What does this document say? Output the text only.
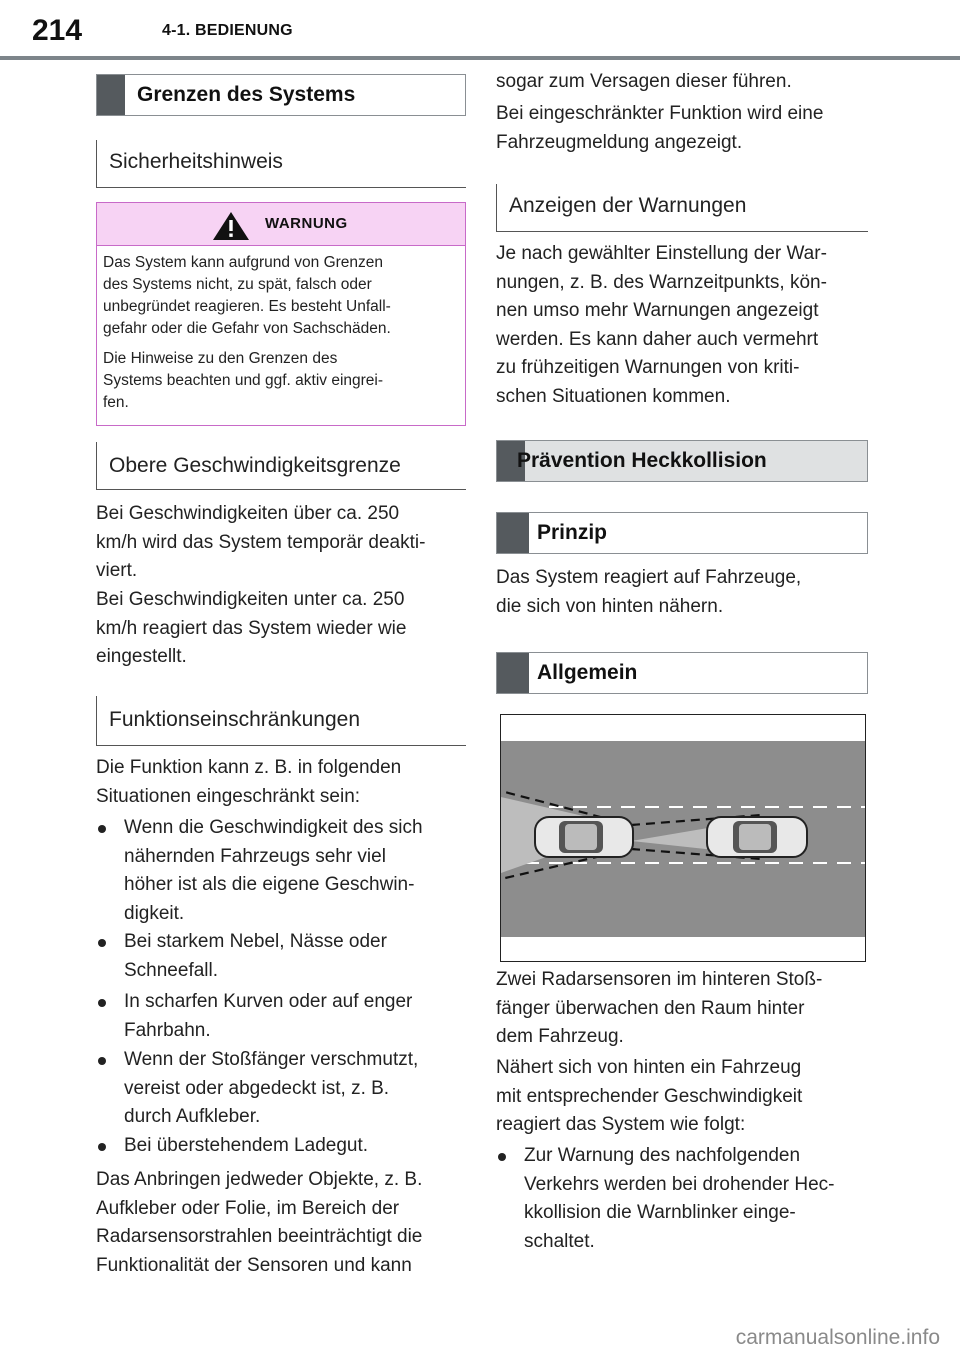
214	4-1. BEDIENUNG
Grenzen des Systems
Sicherheitshinweis
WARNUNG

Das System kann aufgrund von Grenzen
des Systems nicht, zu spät, falsch oder
unbegründet reagieren. Es besteht Unfall-
gefahr oder die Gefahr von Sachschäden.

Die Hinweise zu den Grenzen des
Systems beachten und ggf. aktiv eingrei-
fen.

Obere Geschwindigkeitsgrenze

Bei Geschwindigkeiten über ca. 250
km/h wird das System temporär deakti-
viert.

Bei Geschwindigkeiten unter ca. 250
km/h reagiert das System wieder wie
eingestellt.

Funktionseinschränkungen

Die Funktion kann z. B. in folgenden
Situationen eingeschränkt sein:

Wenn die Geschwindigkeit des sich
nähernden Fahrzeugs sehr viel
höher ist als die eigene Geschwin-
digkeit.
Bei starkem Nebel, Nässe oder
Schneefall.
In scharfen Kurven oder auf enger
Fahrbahn.
Wenn der Stoßfänger verschmutzt,
vereist oder abgedeckt ist, z. B.
durch Aufkleber.
Bei überstehendem Ladegut.

Das Anbringen jedweder Objekte, z. B.
Aufkleber oder Folie, im Bereich der
Radarsensorstrahlen beeinträchtigt die
Funktionalität der Sensoren und kann

sogar zum Versagen dieser führen.

Bei eingeschränkter Funktion wird eine
Fahrzeugmeldung angezeigt.

Anzeigen der Warnungen

Je nach gewählter Einstellung der War-
nungen, z. B. des Warnzeitpunkts, kön-
nen umso mehr Warnungen angezeigt
werden. Es kann daher auch vermehrt
zu frühzeitigen Warnungen von kriti-
schen Situationen kommen.

Prävention Heckkollision
Prinzip

Das System reagiert auf Fahrzeuge,
die sich von hinten nähern.

Allgemein

Zwei Radarsensoren im hinteren Stoß-
fänger überwachen den Raum hinter
dem Fahrzeug.

Nähert sich von hinten ein Fahrzeug
mit entsprechender Geschwindigkeit
reagiert das System wie folgt:

Zur Warnung des nachfolgenden
Verkehrs werden bei drohender Hec-
kkollision die Warnblinker einge-
schaltet.
carmanualsonline.info
